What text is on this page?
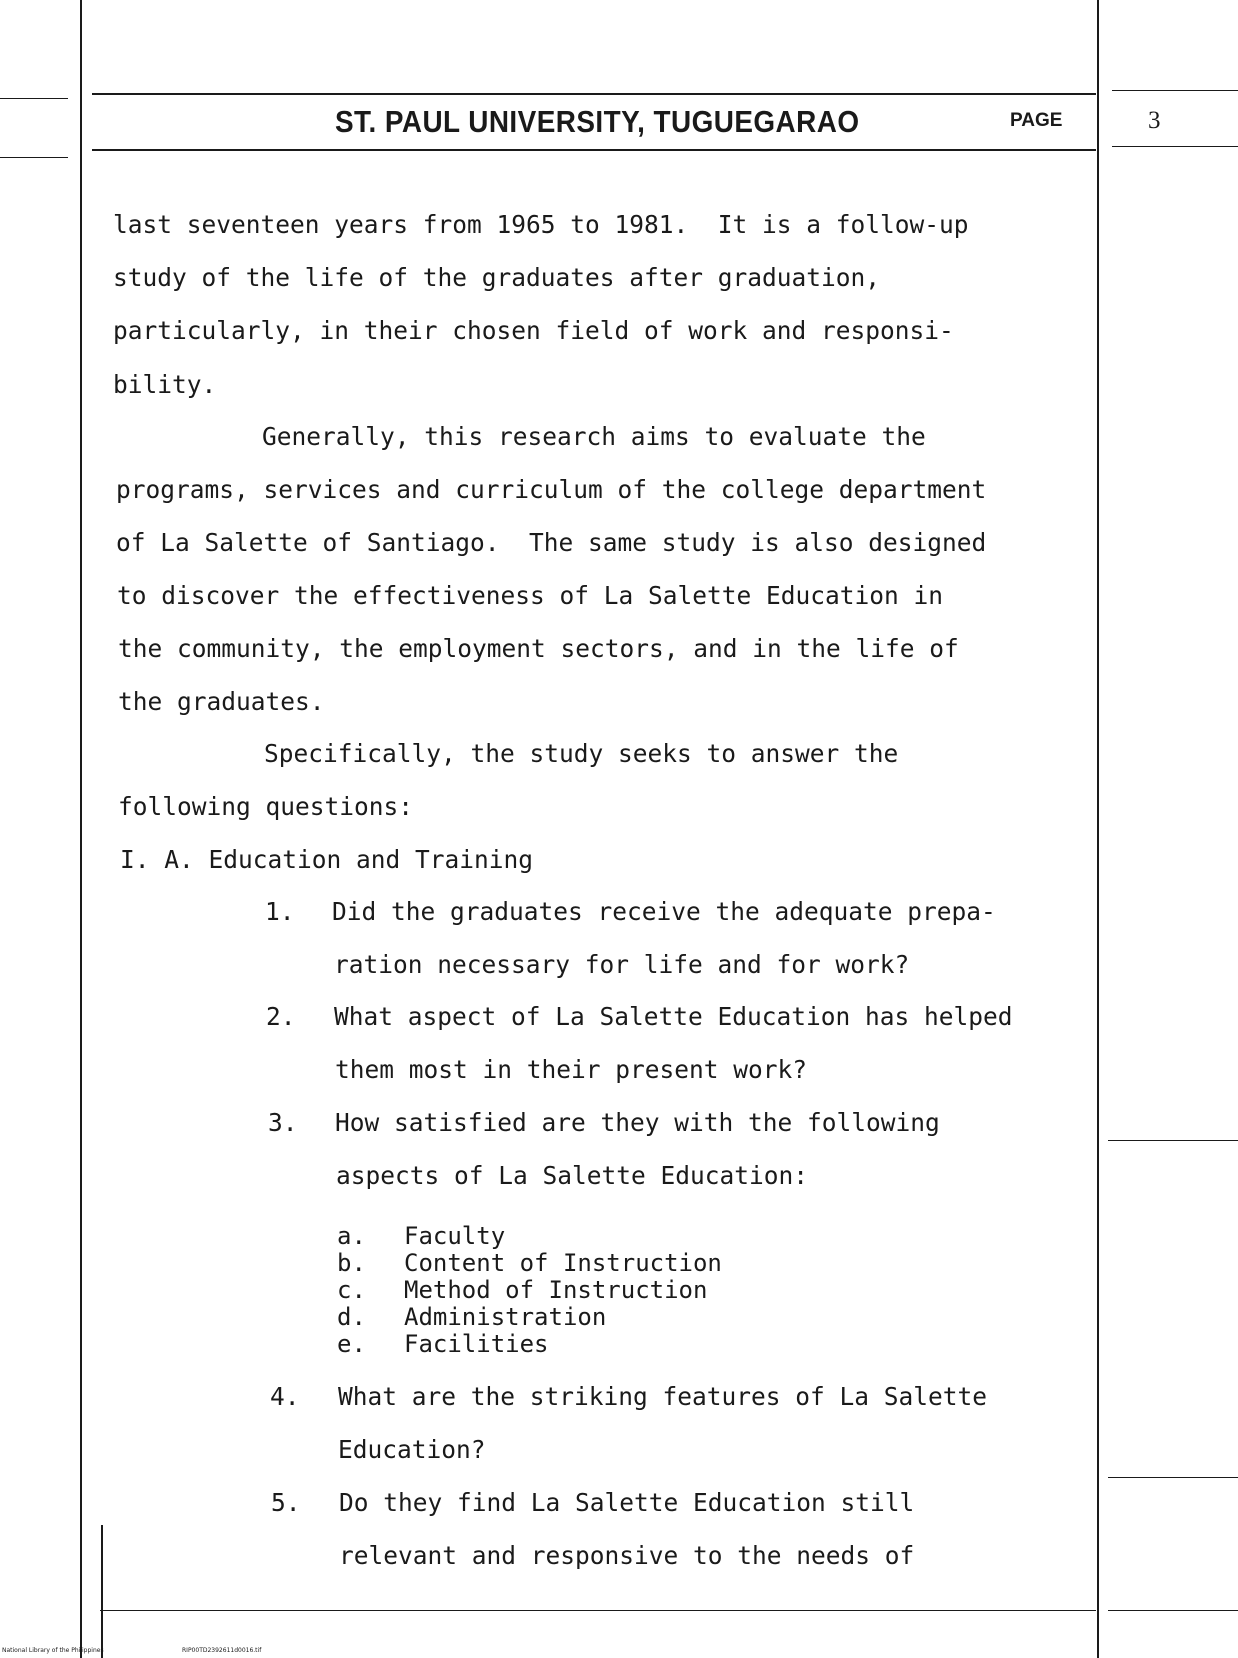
ST. PAUL UNIVERSITY, TUGUEGARAO	PAGE	3
last seventeen years from 1965 to 1981.  It is a follow-up
study of the life of the graduates after graduation,
particularly, in their chosen field of work and responsi-
bility.
Generally, this research aims to evaluate the
programs, services and curriculum of the college department
of La Salette of Santiago.  The same study is also designed
to discover the effectiveness of La Salette Education in
the community, the employment sectors, and in the life of
the graduates.
Specifically, the study seeks to answer the
following questions:
I. A. Education and Training
1. Did the graduates receive the adequate prepa-
ration necessary for life and for work?
2. What aspect of La Salette Education has helped
them most in their present work?
3. How satisfied are they with the following
aspects of La Salette Education:
a. Faculty
b. Content of Instruction
c. Method of Instruction
d. Administration
e. Facilities
4. What are the striking features of La Salette
Education?
5. Do they find La Salette Education still
relevant and responsive to the needs of
National Library of the Philippines	RIP00TD2392611d0016.tif
